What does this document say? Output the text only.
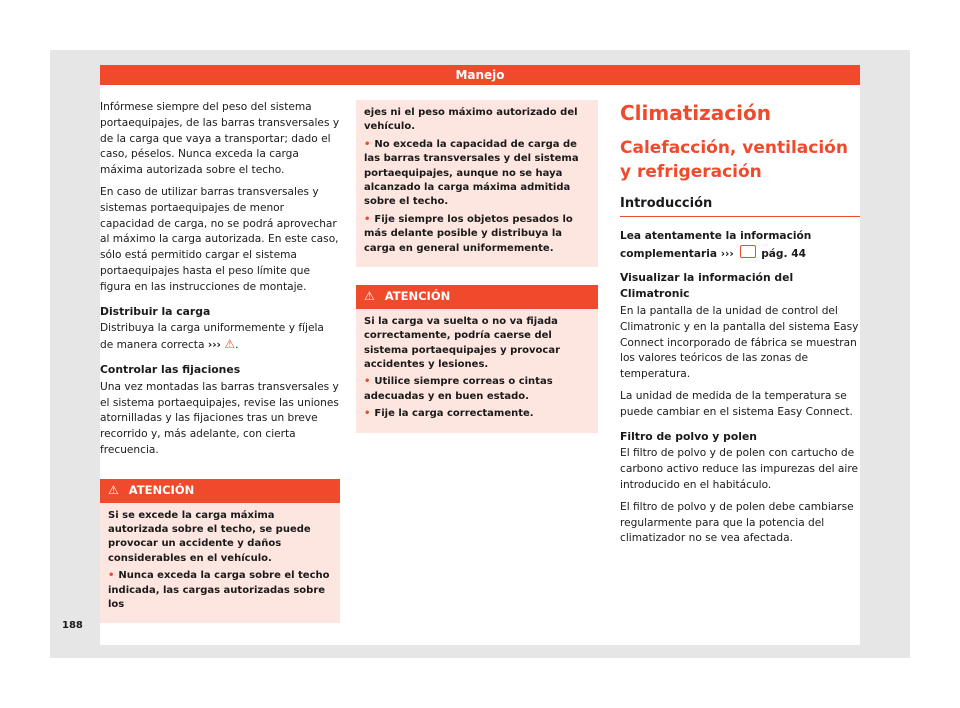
Manejo

Infórmese siempre del peso del sistema portaequipajes, de las barras transversales y de la carga que vaya a transportar; dado el caso, péselos. Nunca exceda la carga máxima autorizada sobre el techo.

En caso de utilizar barras transversales y sistemas portaequipajes de menor capacidad de carga, no se podrá aprovechar al máximo la carga autorizada. En este caso, sólo está permitido cargar el sistema portaequipajes hasta el peso límite que figura en las instrucciones de montaje.

Distribuir la carga

Distribuya la carga uniformemente y fíjela de manera correcta ››› ⚠.

Controlar las fijaciones

Una vez montadas las barras transversales y el sistema portaequipajes, revise las uniones atornilladas y las fijaciones tras un breve recorrido y, más adelante, con cierta frecuencia.

⚠ ATENCIÓN

Si se excede la carga máxima autorizada sobre el techo, se puede provocar un accidente y daños considerables en el vehículo.

• Nunca exceda la carga sobre el techo indicada, las cargas autorizadas sobre los

ejes ni el peso máximo autorizado del vehículo.

• No exceda la capacidad de carga de las barras transversales y del sistema portaequipajes, aunque no se haya alcanzado la carga máxima admitida sobre el techo.

• Fije siempre los objetos pesados lo más delante posible y distribuya la carga en general uniformemente.

⚠ ATENCIÓN

Si la carga va suelta o no va fijada correctamente, podría caerse del sistema portaequipajes y provocar accidentes y lesiones.

• Utilice siempre correas o cintas adecuadas y en buen estado.

• Fije la carga correctamente.

Climatización
Calefacción, ventilación y refrigeración
Introducción

Lea atentamente la información complementaria ›››	pág. 44

Visualizar la información del Climatronic

En la pantalla de la unidad de control del Climatronic y en la pantalla del sistema Easy Connect incorporado de fábrica se muestran los valores teóricos de las zonas de temperatura.

La unidad de medida de la temperatura se puede cambiar en el sistema Easy Connect.

Filtro de polvo y polen

El filtro de polvo y de polen con cartucho de carbono activo reduce las impurezas del aire introducido en el habitáculo.

El filtro de polvo y de polen debe cambiarse regularmente para que la potencia del climatizador no se vea afectada.

188
